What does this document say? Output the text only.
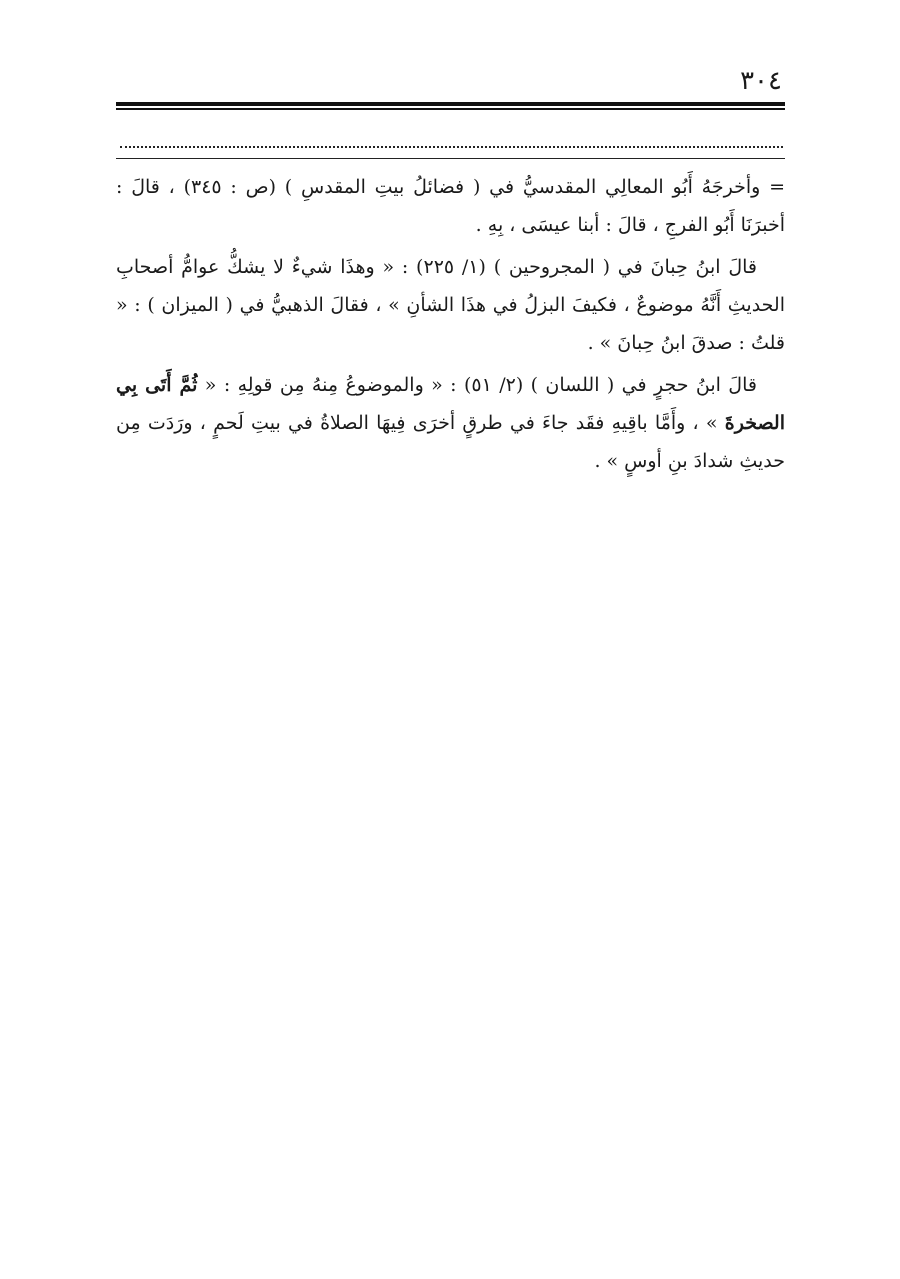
٣٠٤

= وأخرجَهُ أَبُو المعالِي المقدسيُّ في ( فضائلُ بيتِ المقدسِ ) (ص : ٣٤٥) ، قالَ : أخبرَنَا أَبُو الفرجِ ، قالَ : أبنا عيسَى ، بِهِ .

قالَ ابنُ حِبانَ في ( المجروحين ) (١/ ٢٢٥) : « وهذَا شيءٌ لا يشكُّ عوامُّ أصحابِ الحديثِ أَنَّهُ موضوعٌ ، فكيفَ البزلُ في هذَا الشأنِ » ، فقالَ الذهبيُّ في ( الميزان ) : « قلتُ : صدقَ ابنُ حِبانَ » .

قالَ ابنُ حجرٍ في ( اللسان ) (٢/ ٥١) : « والموضوعُ مِنهُ مِن قولِهِ : « ثُمَّ أَتَى بِي الصخرةَ » ، وأَمَّا باقِيهِ فقَد جاءَ في طرقٍ أخرَى فِيهَا الصلاةُ في بيتِ لَحمٍ ، ورَدَت مِن حديثِ شدادَ بنِ أوسٍ » .
